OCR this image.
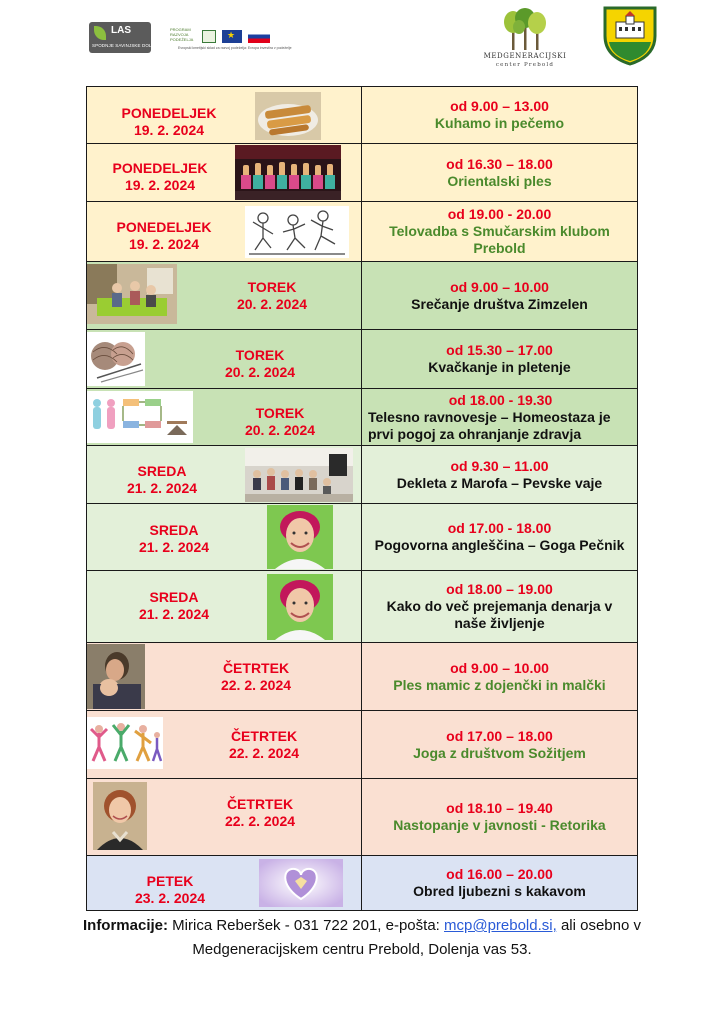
LAS
SPODNJE SAVINJSKE DOLINE
PROGRAM RAZVOJA PODEŽELJA
★
Evropski kmetijski sklad za razvoj podeželja: Evropa investira v podeželje
MEDGENERACIJSKI
center Prebold
PONEDELJEK
19. 2. 2024
od 9.00 – 13.00
Kuhamo in pečemo
PONEDELJEK
19. 2. 2024
od 16.30 – 18.00
Orientalski ples
PONEDELJEK
19. 2. 2024
od 19.00 - 20.00
Telovadba s Smučarskim klubom Prebold
TOREK
20. 2. 2024
od 9.00 – 10.00
Srečanje društva Zimzelen
TOREK
20. 2. 2024
od 15.30 – 17.00
Kvačkanje in pletenje
TOREK
20. 2. 2024
od 18.00 - 19.30
Telesno ravnovesje – Homeostaza je prvi pogoj za ohranjanje zdravja
SREDA
21. 2. 2024
od 9.30 – 11.00
Dekleta z Marofa – Pevske vaje
SREDA
21. 2. 2024
od 17.00 - 18.00
Pogovorna angleščina – Goga Pečnik
SREDA
21. 2. 2024
od 18.00 – 19.00
Kako do več prejemanja denarja v naše življenje
ČETRTEK
22. 2. 2024
od 9.00 – 10.00
Ples mamic z dojenčki in malčki
ČETRTEK
22. 2. 2024
od 17.00 – 18.00
Joga z društvom Sožitjem
ČETRTEK
22. 2. 2024
od 18.10 – 19.40
Nastopanje v javnosti - Retorika
PETEK
23. 2. 2024
od 16.00 – 20.00
Obred ljubezni s kakavom
Informacije: Mirica Reberšek - 031 722 201, e-pošta: mcp@prebold.si, ali osebno v Medgeneracijskem centru Prebold, Dolenja vas 53.
